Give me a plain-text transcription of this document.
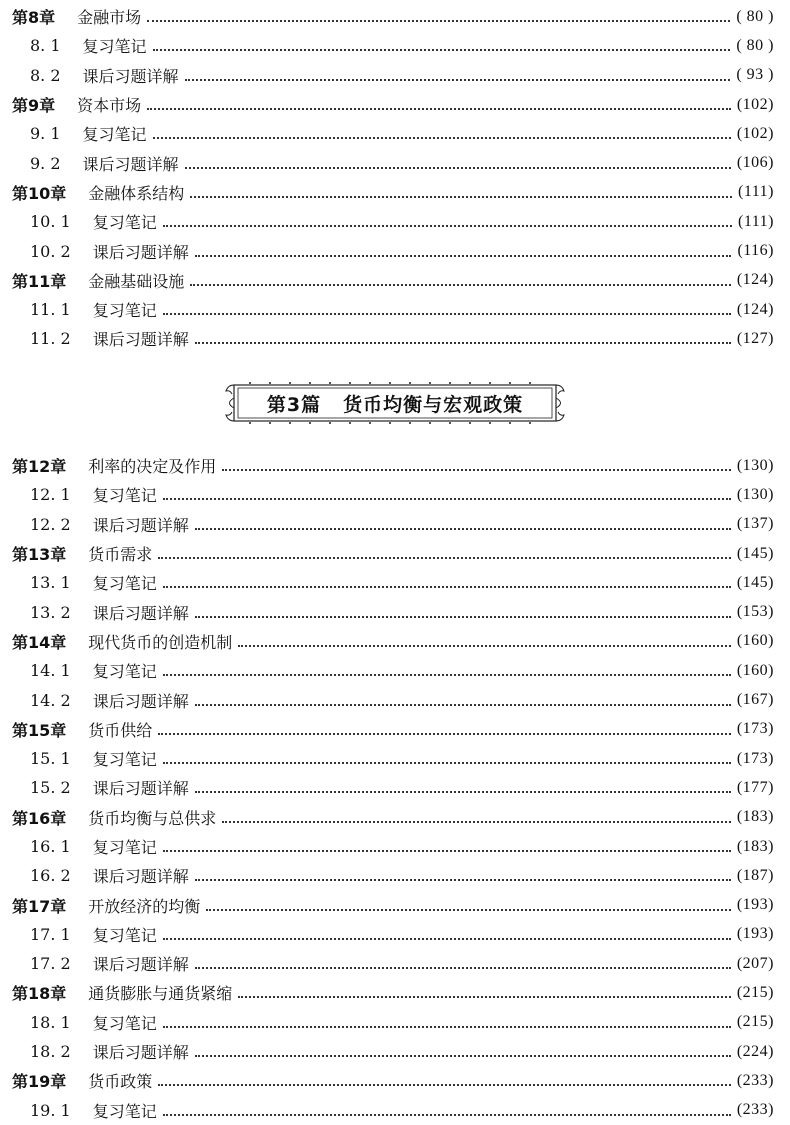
第8章 金融市场	( 80 )
8. 1 复习笔记	( 80 )
8. 2 课后习题详解	( 93 )
第9章 资本市场	(102)
9. 1 复习笔记	(102)
9. 2 课后习题详解	(106)
第10章 金融体系结构	(111)
10. 1 复习笔记	(111)
10. 2 课后习题详解	(116)
第11章 金融基础设施	(124)
11. 1 复习笔记	(124)
11. 2 课后习题详解	(127)
第3篇 货币均衡与宏观政策
第12章 利率的决定及作用	(130)
12. 1 复习笔记	(130)
12. 2 课后习题详解	(137)
第13章 货币需求	(145)
13. 1 复习笔记	(145)
13. 2 课后习题详解	(153)
第14章 现代货币的创造机制	(160)
14. 1 复习笔记	(160)
14. 2 课后习题详解	(167)
第15章 货币供给	(173)
15. 1 复习笔记	(173)
15. 2 课后习题详解	(177)
第16章 货币均衡与总供求	(183)
16. 1 复习笔记	(183)
16. 2 课后习题详解	(187)
第17章 开放经济的均衡	(193)
17. 1 复习笔记	(193)
17. 2 课后习题详解	(207)
第18章 通货膨胀与通货紧缩	(215)
18. 1 复习笔记	(215)
18. 2 课后习题详解	(224)
第19章 货币政策	(233)
19. 1 复习笔记	(233)
